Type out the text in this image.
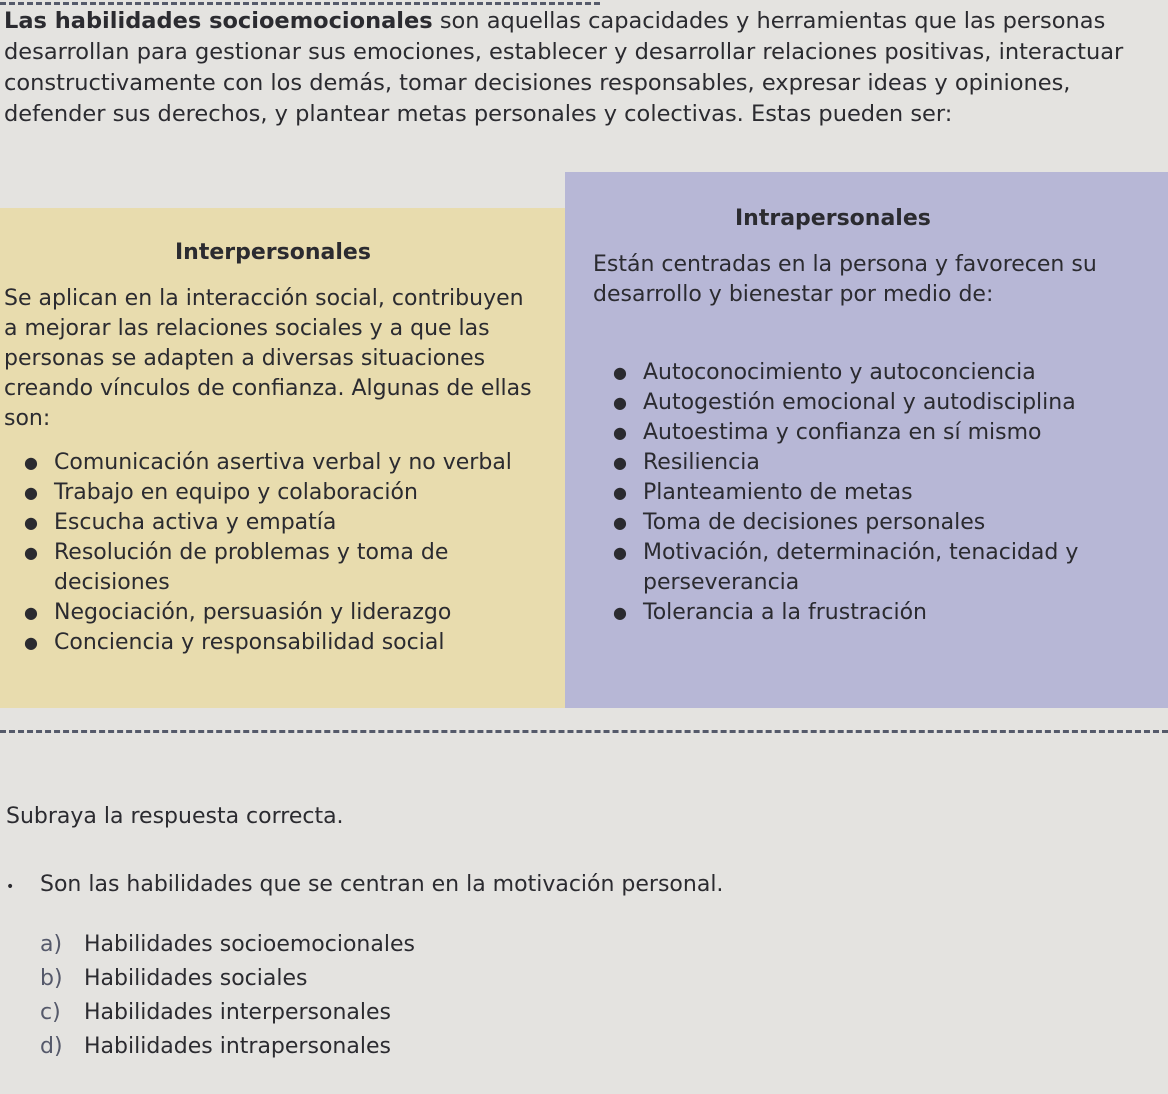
Las habilidades socioemocionales son aquellas capacidades y herramientas que las personas desarrollan para gestionar sus emociones, establecer y desarrollar relaciones positivas, interactuar constructivamente con los demás, tomar decisiones responsables, expresar ideas y opiniones, defender sus derechos, y plantear metas personales y colectivas. Estas pueden ser:

Interpersonales

Se aplican en la interacción social, contribuyen a mejorar las relaciones sociales y a que las personas se adapten a diversas situaciones creando vínculos de confianza. Algunas de ellas son:

● Comunicación asertiva verbal y no verbal
● Trabajo en equipo y colaboración
● Escucha activa y empatía
● Resolución de problemas y toma de decisiones
● Negociación, persuasión y liderazgo
● Conciencia y responsabilidad social
Intrapersonales

Están centradas en la persona y favorecen su desarrollo y bienestar por medio de:

● Autoconocimiento y autoconciencia
● Autogestión emocional y autodisciplina
● Autoestima y confianza en sí mismo
● Resiliencia
● Planteamiento de metas
● Toma de decisiones personales
● Motivación, determinación, tenacidad y perseverancia
● Tolerancia a la frustración

Subraya la respuesta correcta.

• Son las habilidades que se centran en la motivación personal.

a) Habilidades socioemocionales
b) Habilidades sociales
c) Habilidades interpersonales
d) Habilidades intrapersonales
